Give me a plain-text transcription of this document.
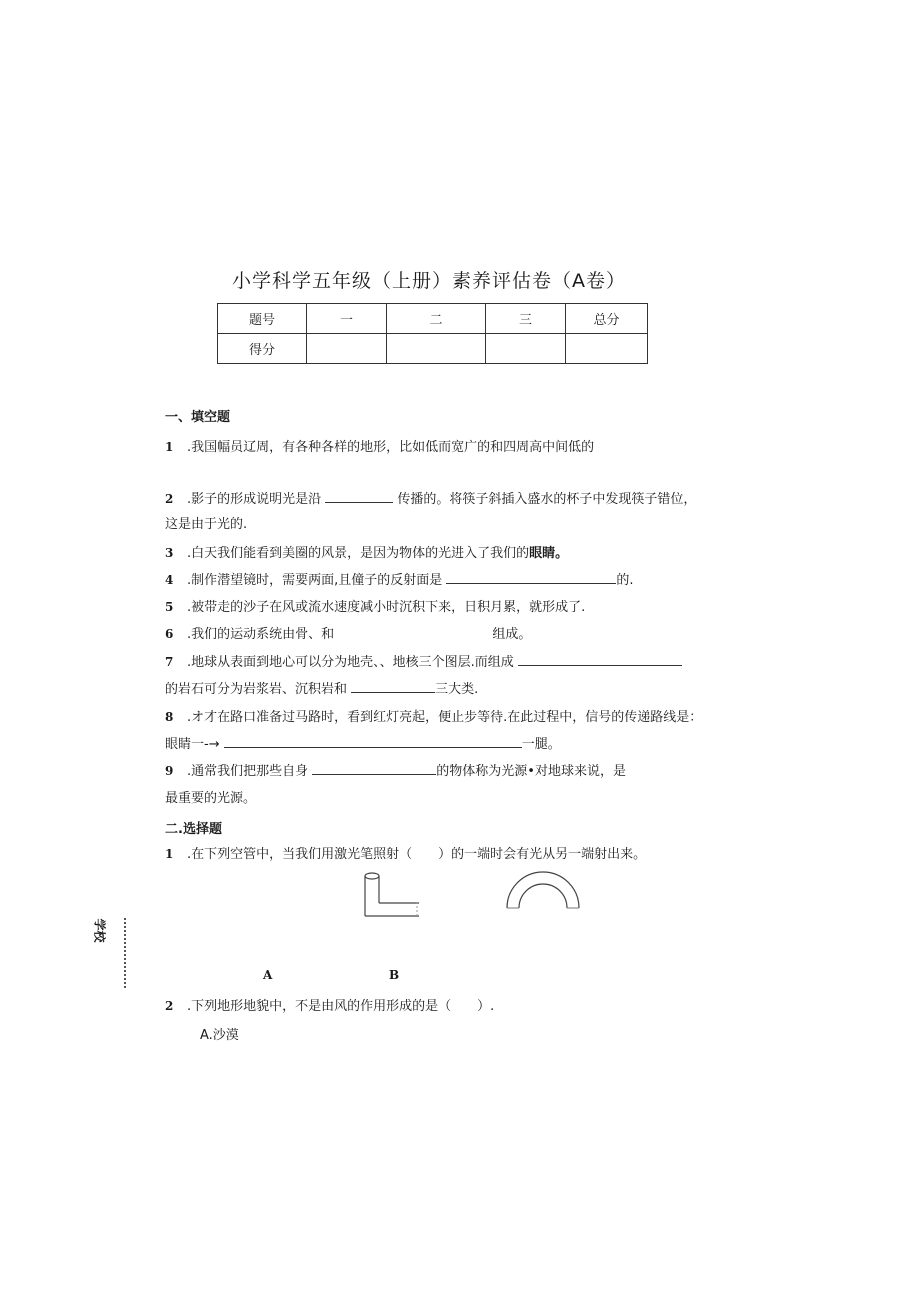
小学科学五年级（上册）素养评估卷（A卷）
题号	一	二	三	总分
得分				
一、填空题
1 .我国幅员辽周，有各种各样的地形，比如低而宽广的和四周高中间低的
2 .影子的形成说明光是沿	传播的。将筷子斜插入盛水的杯子中发现筷子错位，
这是由于光的.
3 .白天我们能看到美圈的风景，是因为物体的光进入了我们的眼睛。
4 .制作潜望镜时，需要两面,且僮子的反射面是	的.
5 .被带走的沙子在风或流水速度减小时沉积下来，日积月累，就形成了.
6 .我们的运动系统由骨、和	组成。
7 .地球从表面到地心可以分为地壳、、地核三个图层.而组成
的岩石可分为岩浆岩、沉积岩和	三大类.
8 .オ才在路口准备过马路时，看到红灯亮起，便止步等待.在此过程中，信号的传递路线是：
眼睛一-→	一腿。
9 .通常我们把那些自身	的物体称为光源•对地球来说，是
最重要的光源。
二.选择题
1 .在下列空管中，当我们用激光笔照射（　　）的一端时会有光从另一端射出来。
A	B
2 .下列地形地貌中，不是由风的作用形成的是（　　）.
A.沙漠
学校
